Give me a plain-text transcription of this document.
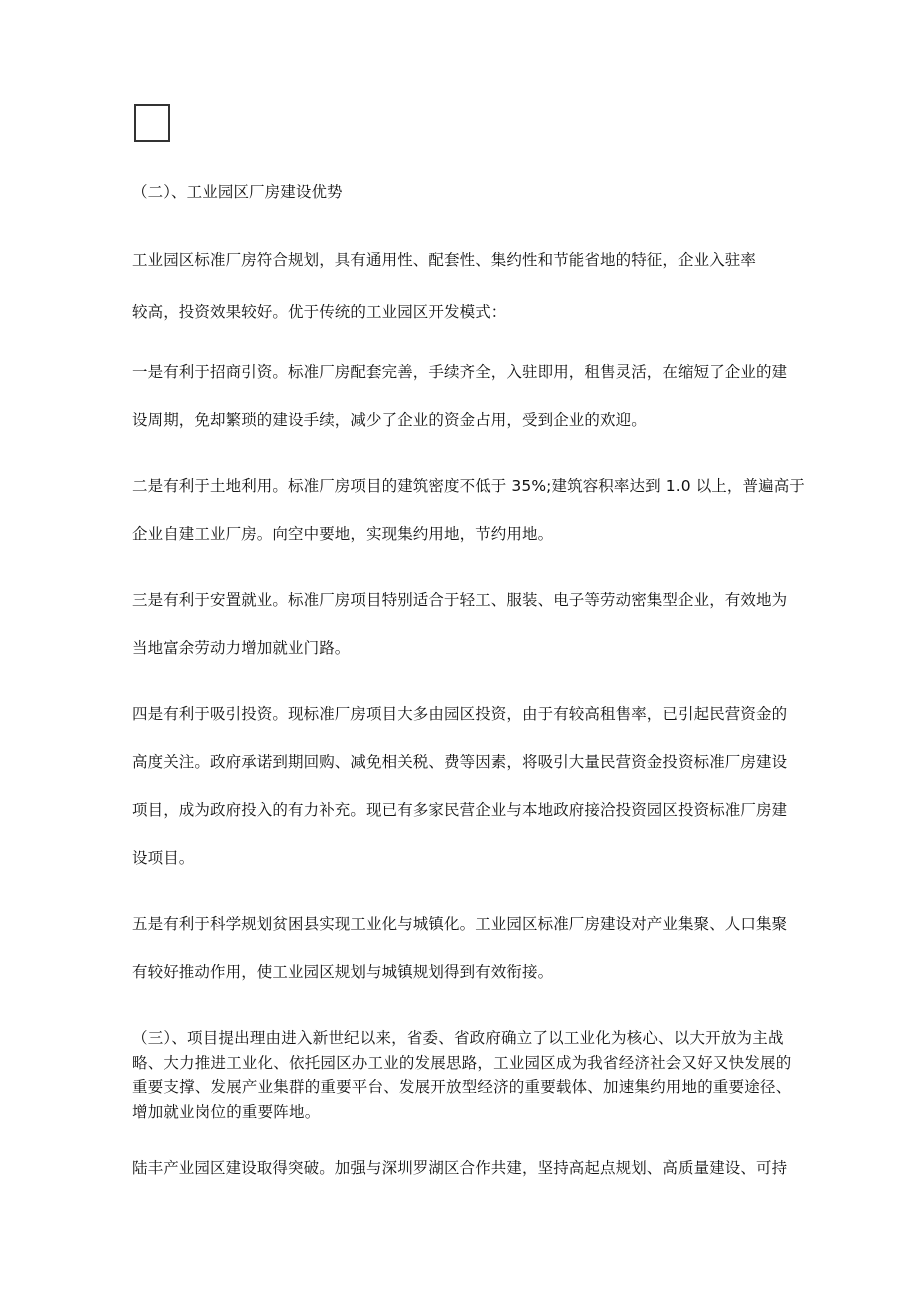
（二）、工业园区厂房建设优势
工业园区标准厂房符合规划，具有通用性、配套性、集约性和节能省地的特征，企业入驻率
较高，投资效果较好。优于传统的工业园区开发模式：
一是有利于招商引资。标准厂房配套完善，手续齐全，入驻即用，租售灵活，在缩短了企业的建
设周期，免却繁琐的建设手续，减少了企业的资金占用，受到企业的欢迎。
二是有利于土地利用。标准厂房项目的建筑密度不低于 35%;建筑容积率达到 1.0 以上，普遍高于
企业自建工业厂房。向空中要地，实现集约用地，节约用地。
三是有利于安置就业。标准厂房项目特别适合于轻工、服装、电子等劳动密集型企业，有效地为
当地富余劳动力增加就业门路。
四是有利于吸引投资。现标准厂房项目大多由园区投资，由于有较高租售率，已引起民营资金的
高度关注。政府承诺到期回购、减免相关税、费等因素，将吸引大量民营资金投资标准厂房建设
项目，成为政府投入的有力补充。现已有多家民营企业与本地政府接洽投资园区投资标准厂房建
设项目。
五是有利于科学规划贫困县实现工业化与城镇化。工业园区标准厂房建设对产业集聚、人口集聚
有较好推动作用，使工业园区规划与城镇规划得到有效衔接。
（三）、项目提出理由进入新世纪以来，省委、省政府确立了以工业化为核心、以大开放为主战
略、大力推进工业化、依托园区办工业的发展思路，工业园区成为我省经济社会又好又快发展的
重要支撑、发展产业集群的重要平台、发展开放型经济的重要载体、加速集约用地的重要途径、
增加就业岗位的重要阵地。
陆丰产业园区建设取得突破。加强与深圳罗湖区合作共建，坚持高起点规划、高质量建设、可持
